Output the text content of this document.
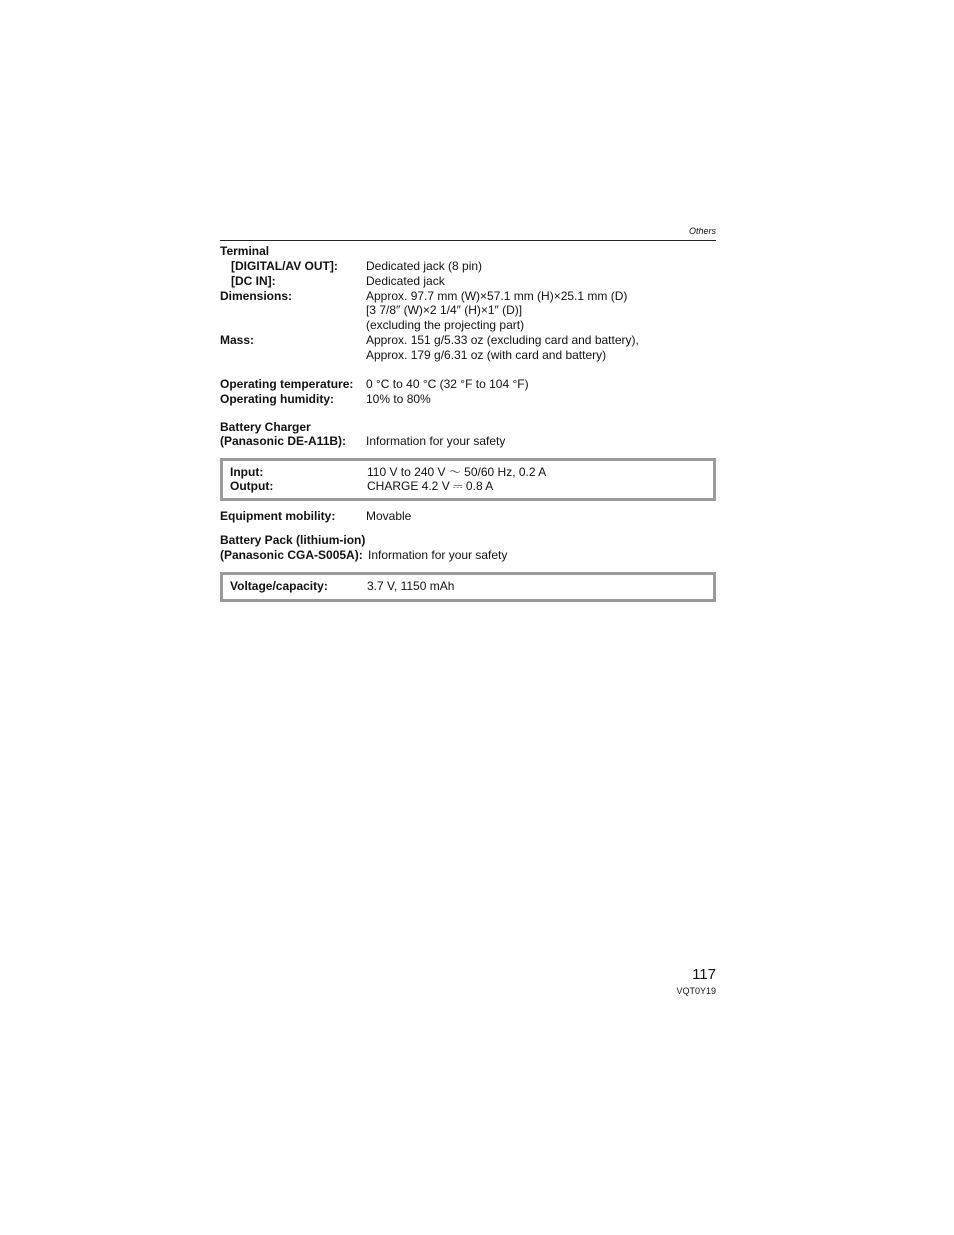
Others
Terminal
[DIGITAL/AV OUT]: Dedicated jack (8 pin)
[DC IN]:	Dedicated jack
Dimensions:	Approx. 97.7 mm (W)×57.1 mm (H)×25.1 mm (D)
[3 7/8″ (W)×2 1/4″ (H)×1″ (D)]
(excluding the projecting part)
Mass:	Approx. 151 g/5.33 oz (excluding card and battery),
Approx. 179 g/6.31 oz (with card and battery)
Operating temperature: 0 °C to 40 °C (32 °F to 104 °F)
Operating humidity:	10% to 80%
Battery Charger
(Panasonic DE-A11B): Information for your safety
Input:	110 V to 240 V ～ 50/60 Hz, 0.2 A
Output:	CHARGE 4.2 V ⎓ 0.8 A
Equipment mobility:	Movable
Battery Pack (lithium-ion)
(Panasonic CGA-S005A): Information for your safety
Voltage/capacity:	3.7 V, 1150 mAh
117
VQT0Y19
